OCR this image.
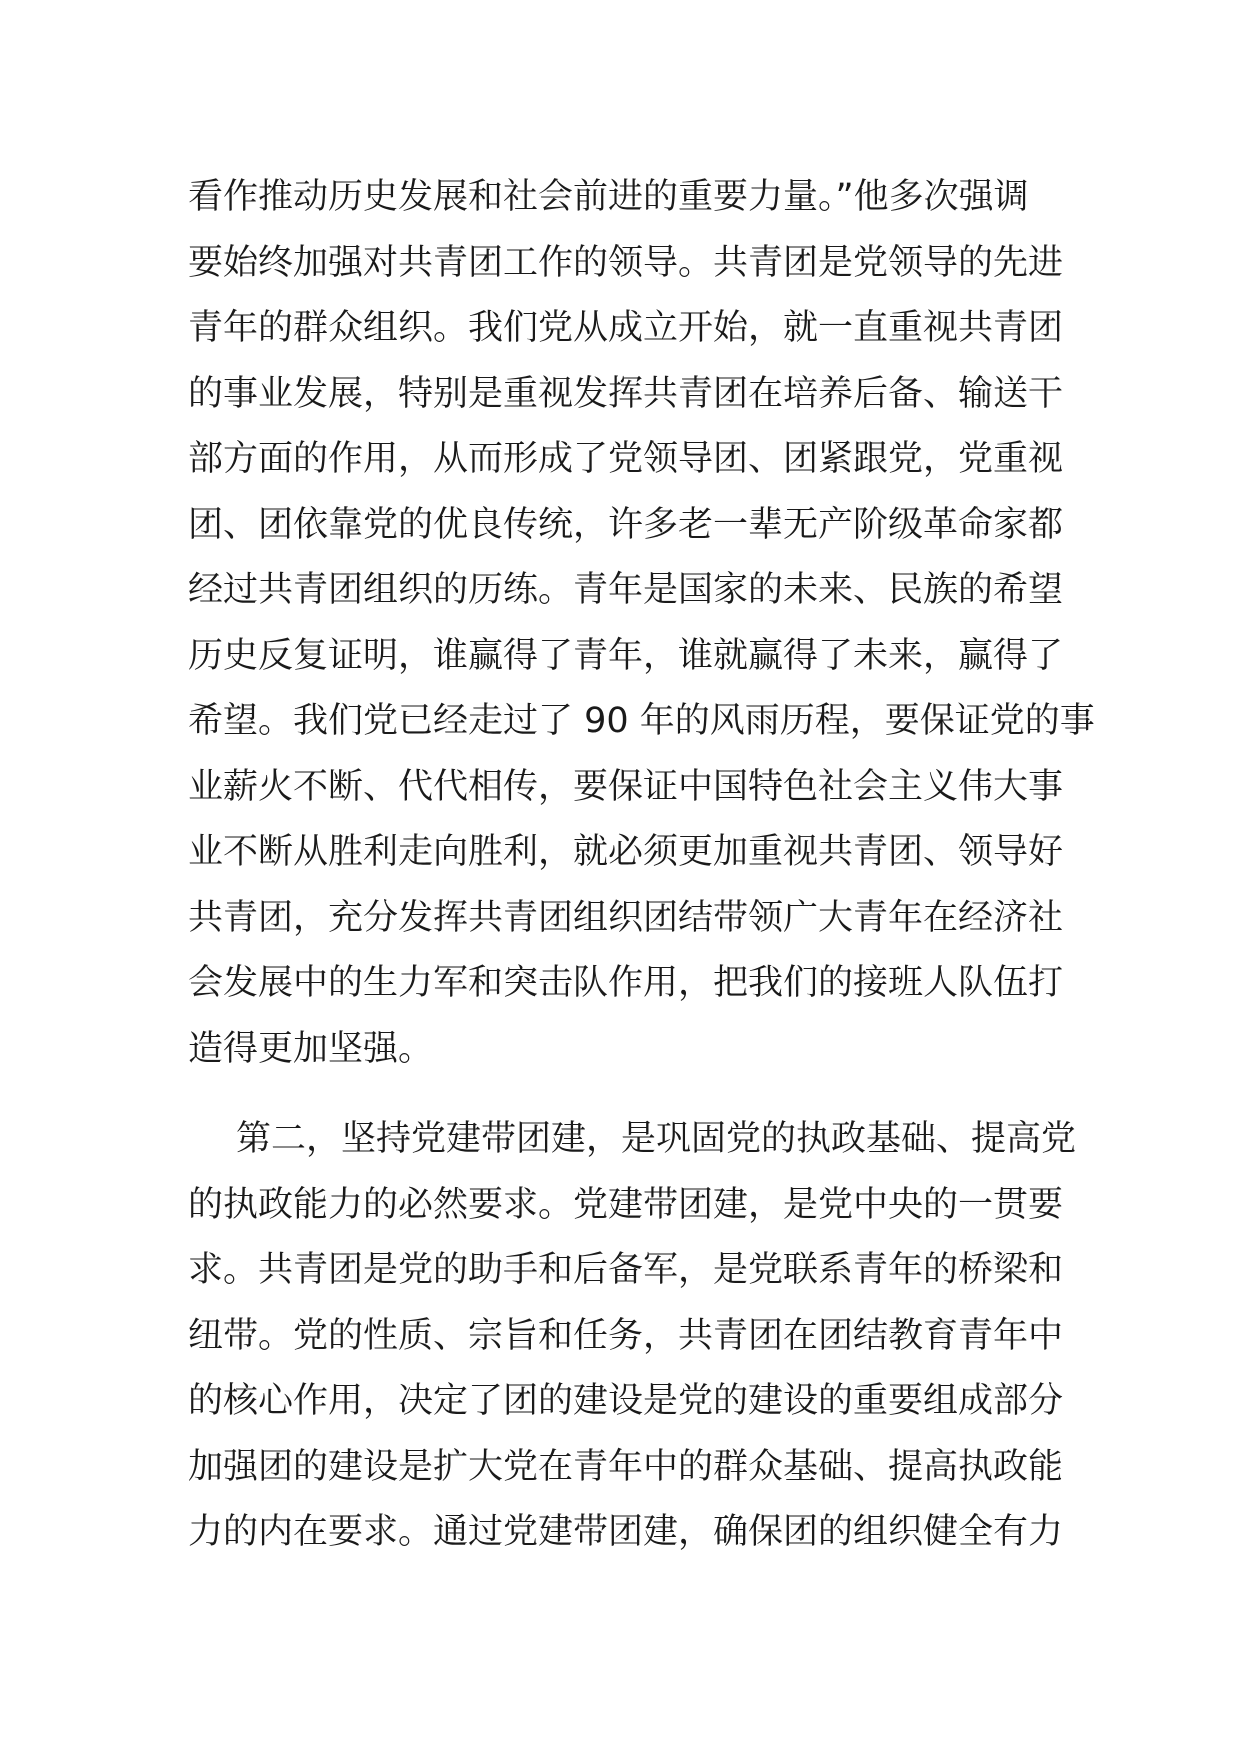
看作推动历史发展和社会前进的重要力量。”他多次强调
要始终加强对共青团工作的领导。共青团是党领导的先进
青年的群众组织。我们党从成立开始，就一直重视共青团
的事业发展，特别是重视发挥共青团在培养后备、输送干
部方面的作用，从而形成了党领导团、团紧跟党，党重视
团、团依靠党的优良传统，许多老一辈无产阶级革命家都
经过共青团组织的历练。青年是国家的未来、民族的希望
历史反复证明，谁赢得了青年，谁就赢得了未来，赢得了
希望。我们党已经走过了 90 年的风雨历程，要保证党的事
业薪火不断、代代相传，要保证中国特色社会主义伟大事
业不断从胜利走向胜利，就必须更加重视共青团、领导好
共青团，充分发挥共青团组织团结带领广大青年在经济社
会发展中的生力军和突击队作用，把我们的接班人队伍打
造得更加坚强。
第二，坚持党建带团建，是巩固党的执政基础、提高党
的执政能力的必然要求。党建带团建，是党中央的一贯要
求。共青团是党的助手和后备军，是党联系青年的桥梁和
纽带。党的性质、宗旨和任务，共青团在团结教育青年中
的核心作用，决定了团的建设是党的建设的重要组成部分
加强团的建设是扩大党在青年中的群众基础、提高执政能
力的内在要求。通过党建带团建，确保团的组织健全有力
